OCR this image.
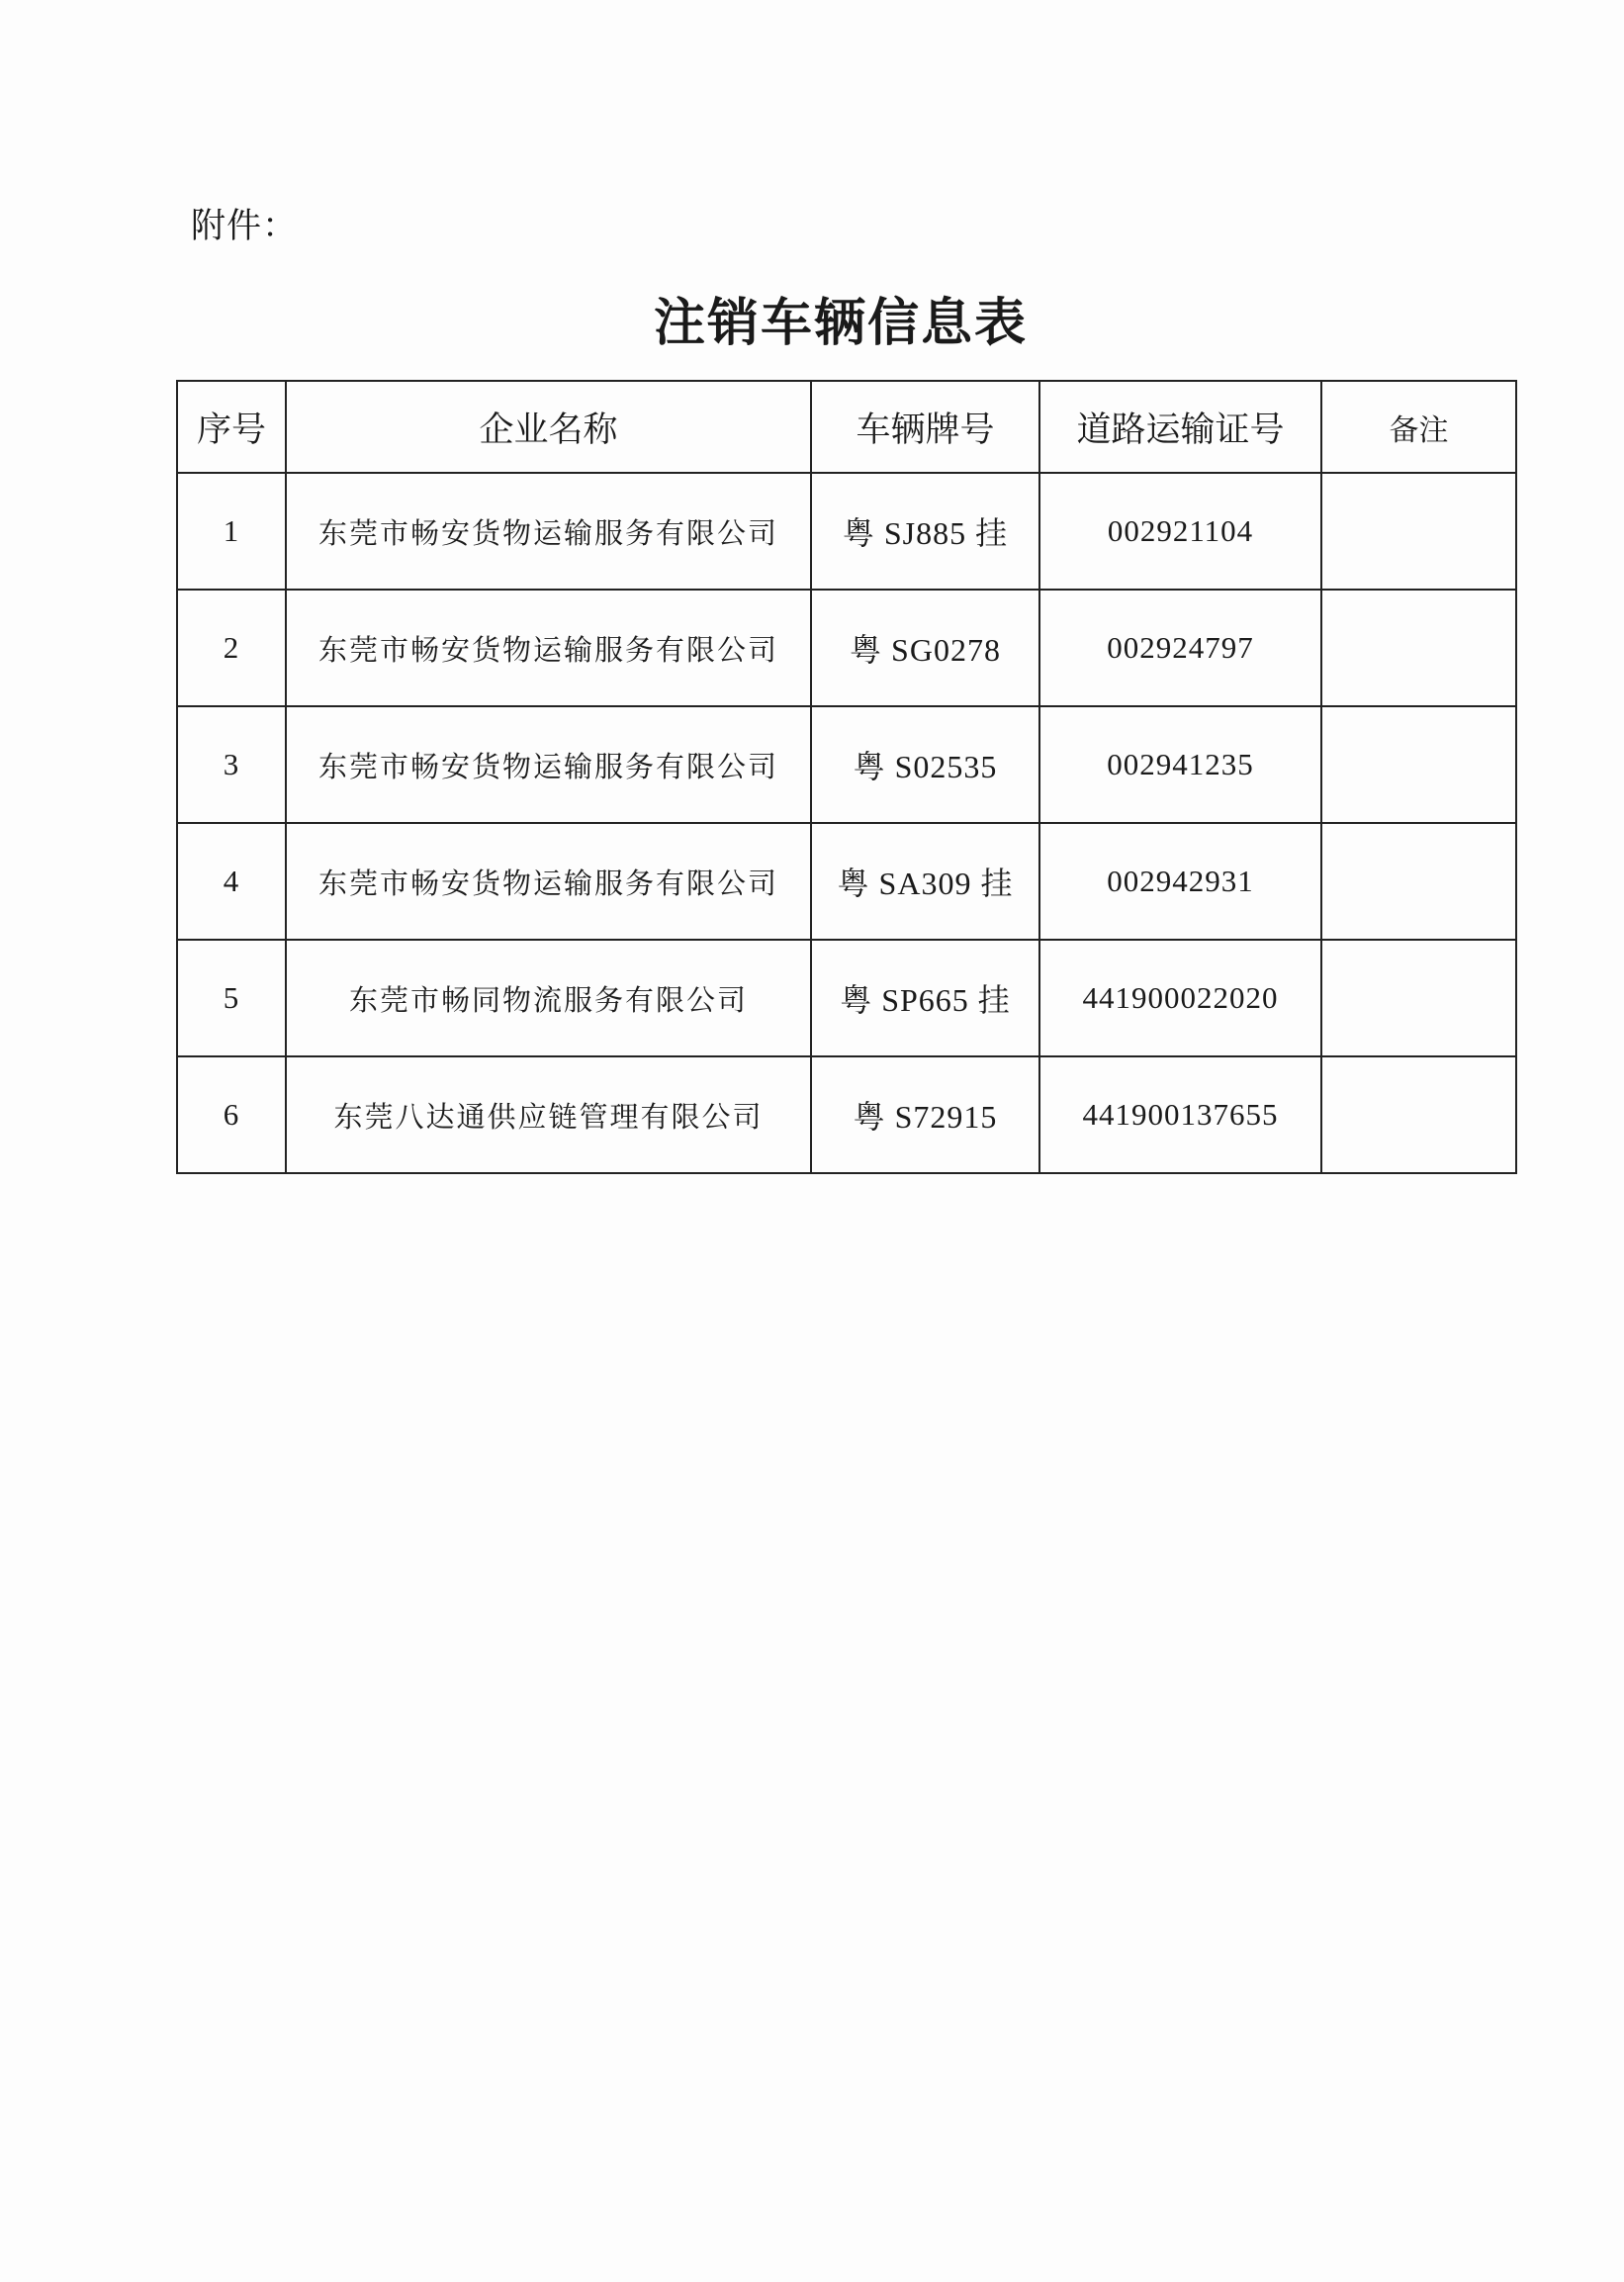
附件：
注销车辆信息表
序号	企业名称	车辆牌号	道路运输证号	备注
1	东莞市畅安货物运输服务有限公司	粤 SJ885 挂	002921104	
2	东莞市畅安货物运输服务有限公司	粤 SG0278	002924797	
3	东莞市畅安货物运输服务有限公司	粤 S02535	002941235	
4	东莞市畅安货物运输服务有限公司	粤 SA309 挂	002942931	
5	东莞市畅同物流服务有限公司	粤 SP665 挂	441900022020	
6	东莞八达通供应链管理有限公司	粤 S72915	441900137655	
